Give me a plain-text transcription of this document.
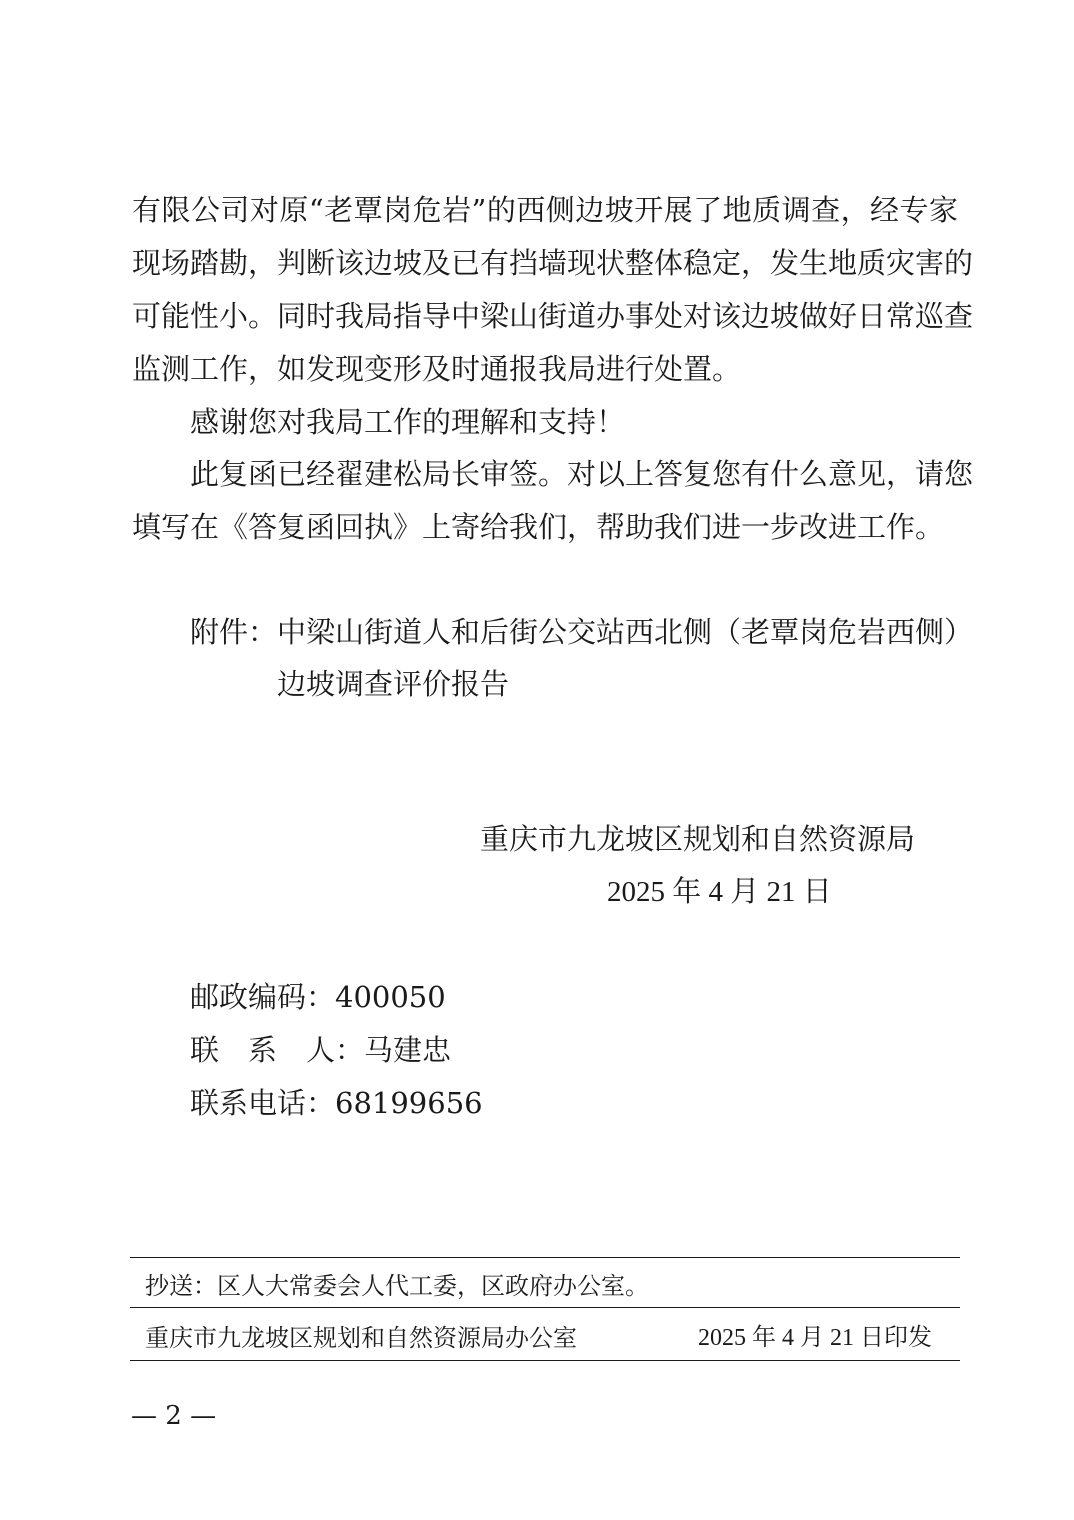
有限公司对原“老覃岗危岩”的西侧边坡开展了地质调查，经专家
现场踏勘，判断该边坡及已有挡墙现状整体稳定，发生地质灾害的
可能性小。同时我局指导中梁山街道办事处对该边坡做好日常巡查
监测工作，如发现变形及时通报我局进行处置。
感谢您对我局工作的理解和支持！
此复函已经翟建松局长审签。对以上答复您有什么意见，请您
填写在《答复函回执》上寄给我们，帮助我们进一步改进工作。
附件：中梁山街道人和后街公交站西北侧（老覃岗危岩西侧）
边坡调查评价报告
重庆市九龙坡区规划和自然资源局
2025 年 4 月 21 日
邮政编码：400050
联　系　人：马建忠
联系电话：68199656
抄送：区人大常委会人代工委，区政府办公室。
重庆市九龙坡区规划和自然资源局办公室	2025 年 4 月 21 日印发
— 2 —
